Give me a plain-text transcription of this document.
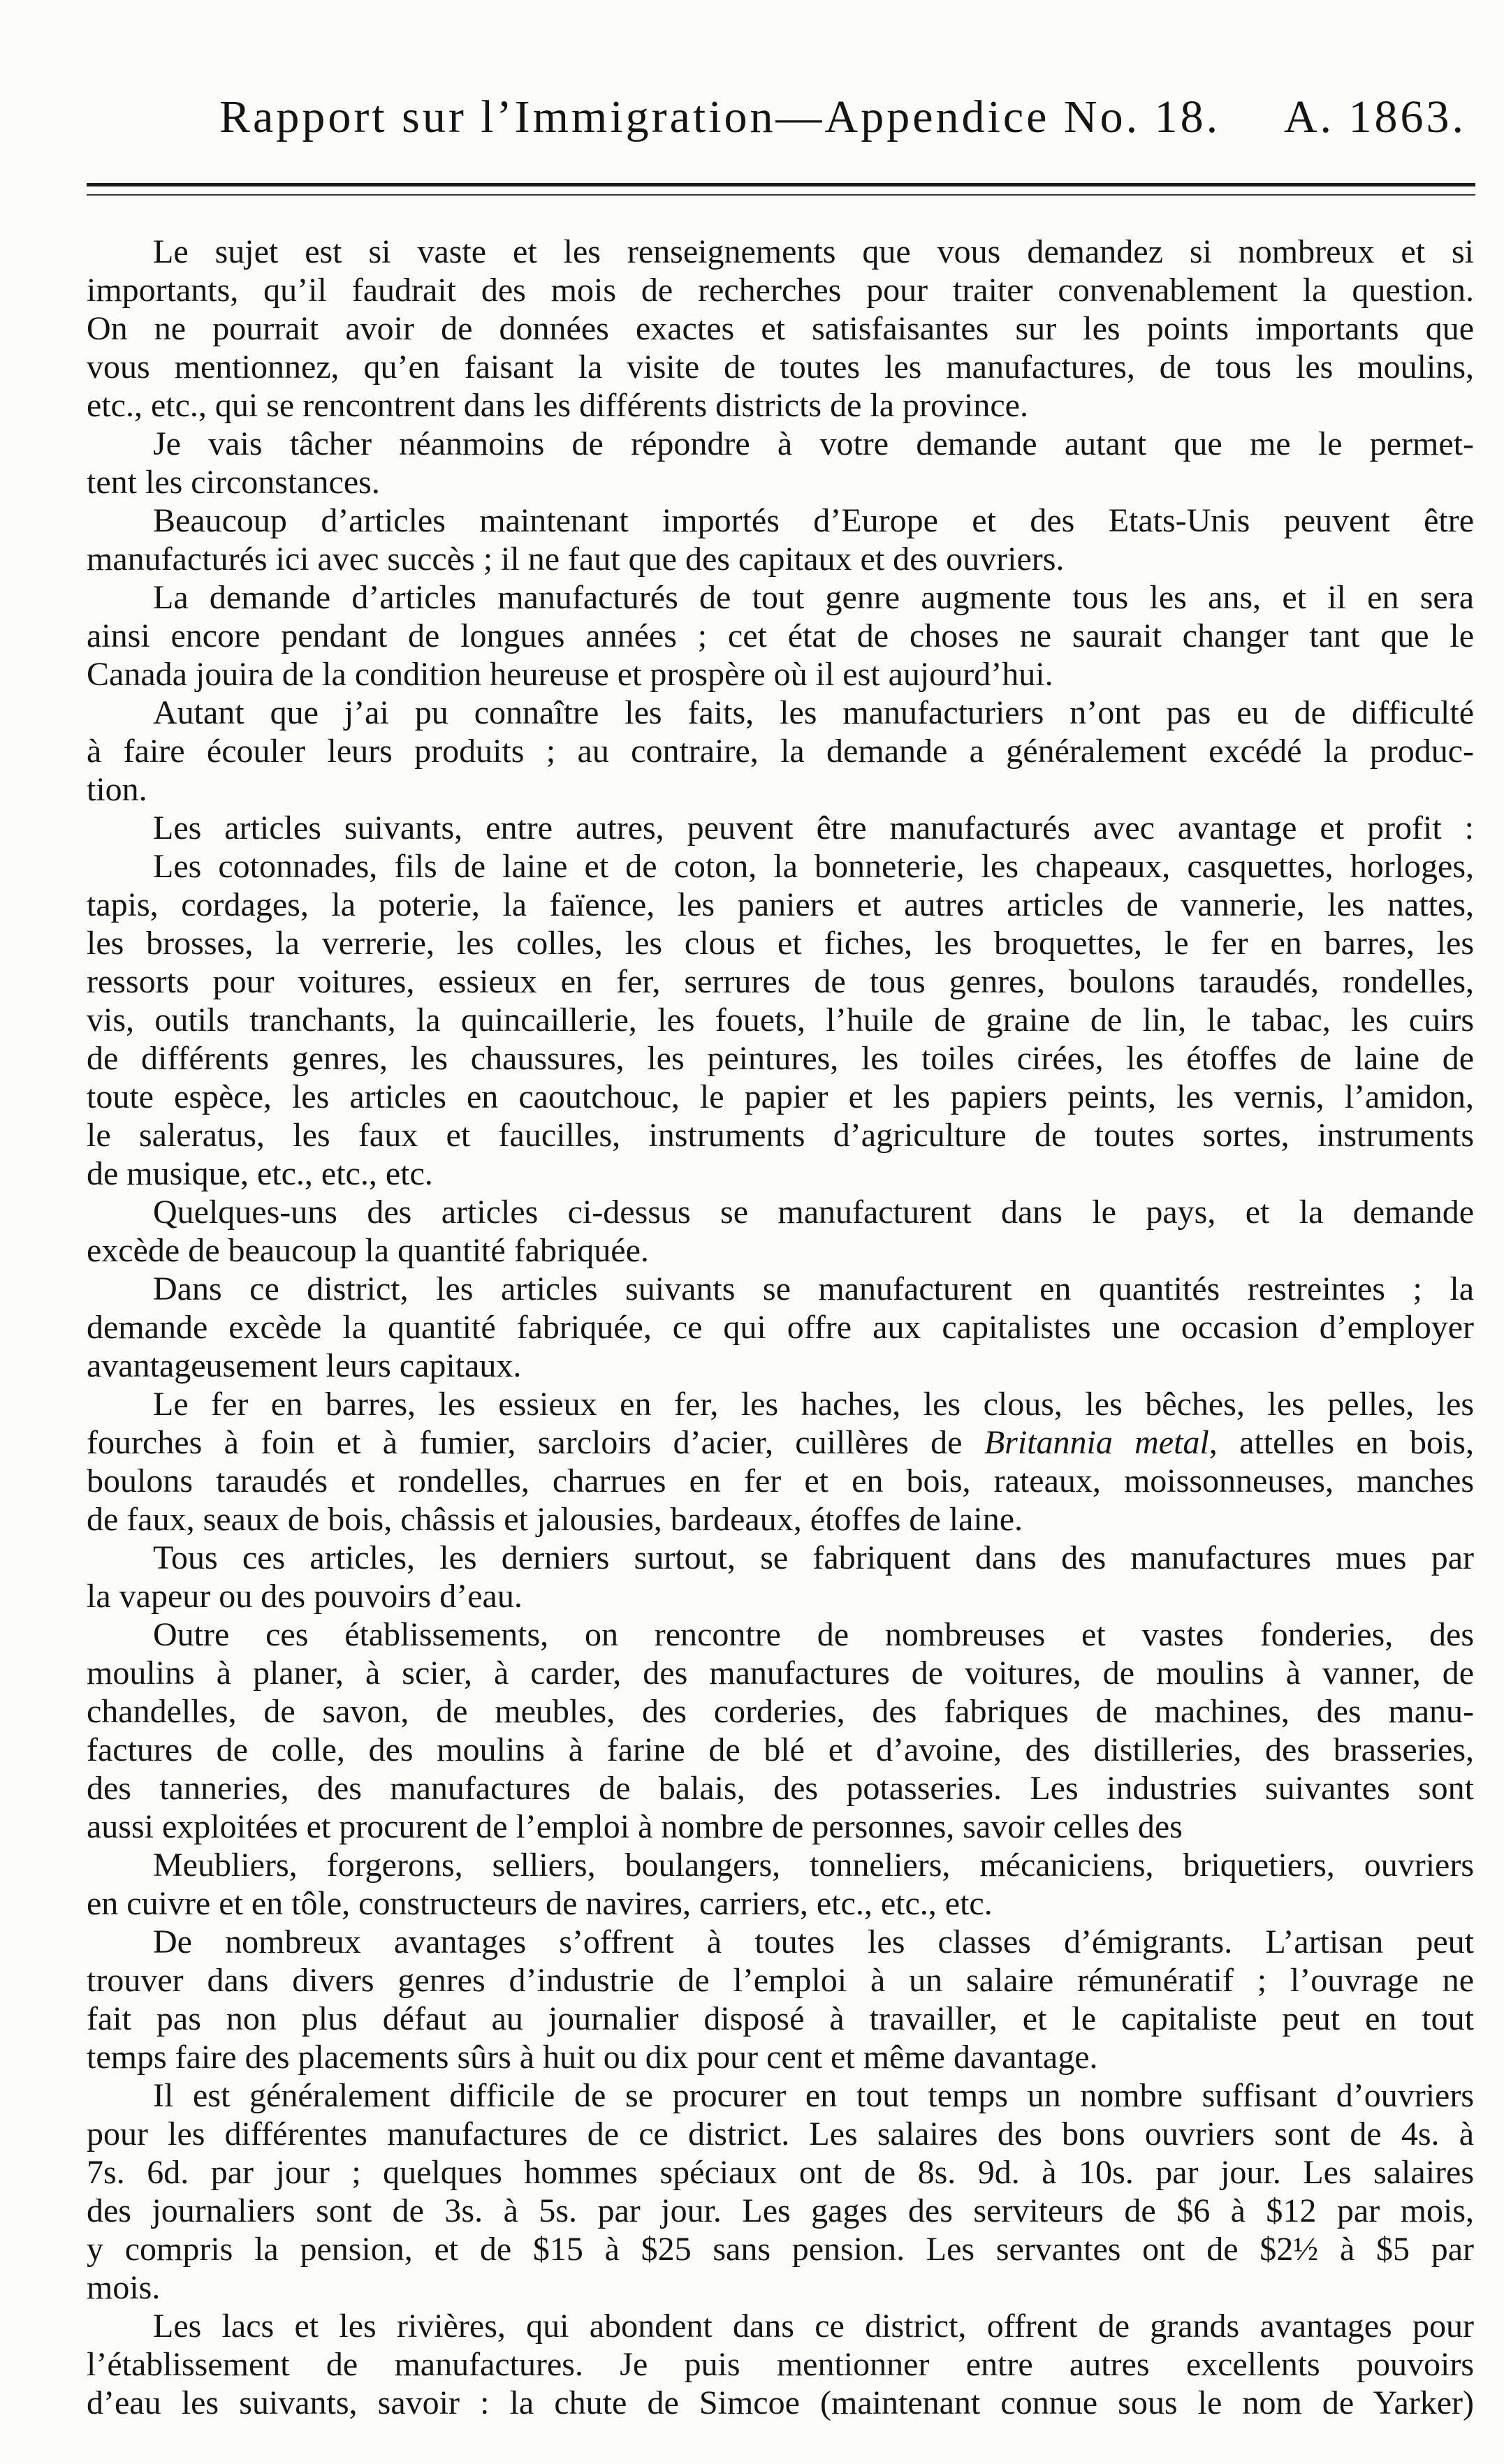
Rapport sur l’Immigration—Appendice No. 18. A. 1863.
Le sujet est si vaste et les renseignements que vous demandez si nombreux et si
importants, qu’il faudrait des mois de recherches pour traiter convenablement la question.
On ne pourrait avoir de données exactes et satisfaisantes sur les points importants que
vous mentionnez, qu’en faisant la visite de toutes les manufactures, de tous les moulins,
etc., etc., qui se rencontrent dans les différents districts de la province.
Je vais tâcher néanmoins de répondre à votre demande autant que me le permet-
tent les circonstances.
Beaucoup d’articles maintenant importés d’Europe et des Etats-Unis peuvent être
manufacturés ici avec succès ; il ne faut que des capitaux et des ouvriers.
La demande d’articles manufacturés de tout genre augmente tous les ans, et il en sera
ainsi encore pendant de longues années ; cet état de choses ne saurait changer tant que le
Canada jouira de la condition heureuse et prospère où il est aujourd’hui.
Autant que j’ai pu connaître les faits, les manufacturiers n’ont pas eu de difficulté
à faire écouler leurs produits ; au contraire, la demande a généralement excédé la produc-
tion.
Les articles suivants, entre autres, peuvent être manufacturés avec avantage et profit :
Les cotonnades, fils de laine et de coton, la bonneterie, les chapeaux, casquettes, horloges,
tapis, cordages, la poterie, la faïence, les paniers et autres articles de vannerie, les nattes,
les brosses, la verrerie, les colles, les clous et fiches, les broquettes, le fer en barres, les
ressorts pour voitures, essieux en fer, serrures de tous genres, boulons taraudés, rondelles,
vis, outils tranchants, la quincaillerie, les fouets, l’huile de graine de lin, le tabac, les cuirs
de différents genres, les chaussures, les peintures, les toiles cirées, les étoffes de laine de
toute espèce, les articles en caoutchouc, le papier et les papiers peints, les vernis, l’amidon,
le saleratus, les faux et faucilles, instruments d’agriculture de toutes sortes, instruments
de musique, etc., etc., etc.
Quelques-uns des articles ci-dessus se manufacturent dans le pays, et la demande
excède de beaucoup la quantité fabriquée.
Dans ce district, les articles suivants se manufacturent en quantités restreintes ; la
demande excède la quantité fabriquée, ce qui offre aux capitalistes une occasion d’employer
avantageusement leurs capitaux.
Le fer en barres, les essieux en fer, les haches, les clous, les bêches, les pelles, les
fourches à foin et à fumier, sarcloirs d’acier, cuillères de Britannia metal, attelles en bois,
boulons taraudés et rondelles, charrues en fer et en bois, rateaux, moissonneuses, manches
de faux, seaux de bois, châssis et jalousies, bardeaux, étoffes de laine.
Tous ces articles, les derniers surtout, se fabriquent dans des manufactures mues par
la vapeur ou des pouvoirs d’eau.
Outre ces établissements, on rencontre de nombreuses et vastes fonderies, des
moulins à planer, à scier, à carder, des manufactures de voitures, de moulins à vanner, de
chandelles, de savon, de meubles, des corderies, des fabriques de machines, des manu-
factures de colle, des moulins à farine de blé et d’avoine, des distilleries, des brasseries,
des tanneries, des manufactures de balais, des potasseries. Les industries suivantes sont
aussi exploitées et procurent de l’emploi à nombre de personnes, savoir celles des
Meubliers, forgerons, selliers, boulangers, tonneliers, mécaniciens, briquetiers, ouvriers
en cuivre et en tôle, constructeurs de navires, carriers, etc., etc., etc.
De nombreux avantages s’offrent à toutes les classes d’émigrants. L’artisan peut
trouver dans divers genres d’industrie de l’emploi à un salaire rémunératif ; l’ouvrage ne
fait pas non plus défaut au journalier disposé à travailler, et le capitaliste peut en tout
temps faire des placements sûrs à huit ou dix pour cent et même davantage.
Il est généralement difficile de se procurer en tout temps un nombre suffisant d’ouvriers
pour les différentes manufactures de ce district. Les salaires des bons ouvriers sont de 4s. à
7s. 6d. par jour ; quelques hommes spéciaux ont de 8s. 9d. à 10s. par jour. Les salaires
des journaliers sont de 3s. à 5s. par jour. Les gages des serviteurs de $6 à $12 par mois,
y compris la pension, et de $15 à $25 sans pension. Les servantes ont de $2½ à $5 par
mois.
Les lacs et les rivières, qui abondent dans ce district, offrent de grands avantages pour
l’établissement de manufactures. Je puis mentionner entre autres excellents pouvoirs
d’eau les suivants, savoir : la chute de Simcoe (maintenant connue sous le nom de Yarker)
